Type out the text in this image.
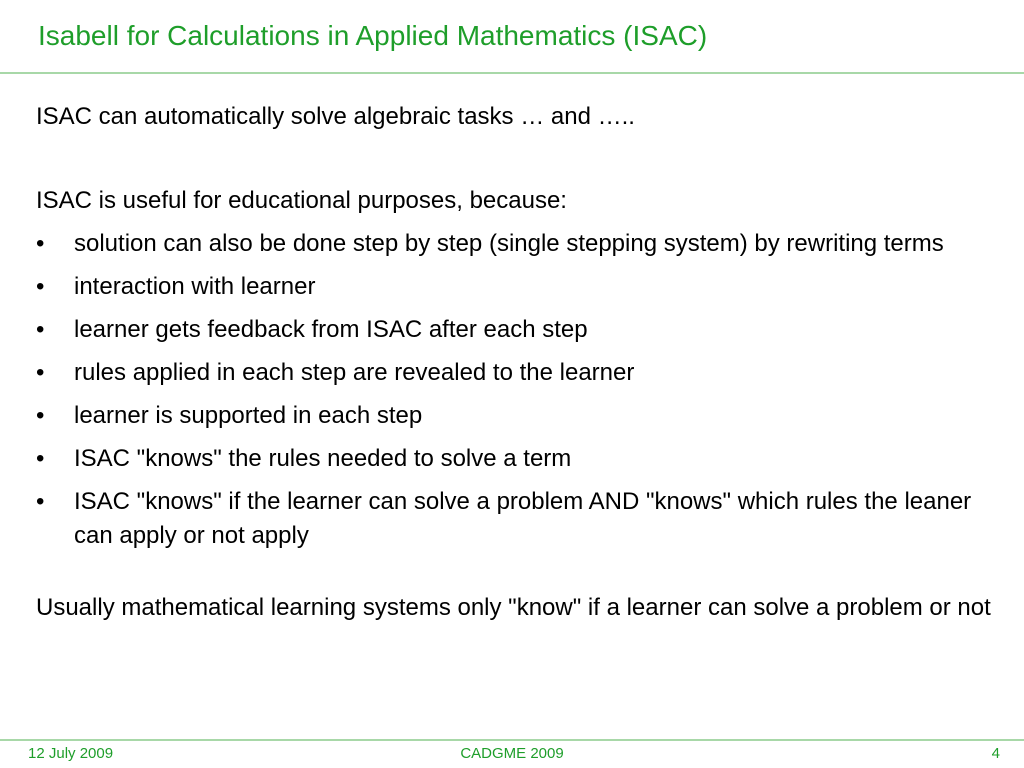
Isabell for Calculations in Applied Mathematics (ISAC)

ISAC can automatically solve algebraic tasks … and …..

ISAC is useful for educational purposes, because:

•	solution can also be done step by step (single stepping system) by rewriting terms
•	interaction with learner
•	learner gets feedback from ISAC after each step
•	rules applied in each step are revealed to the learner
•	learner is supported in each step
•	ISAC "knows" the rules needed to solve a term
•	ISAC "knows" if the learner can solve a problem AND "knows" which rules the leaner can apply or not apply

Usually mathematical learning systems only "know" if a learner can solve a problem or not

12 July 2009	CADGME 2009	4
